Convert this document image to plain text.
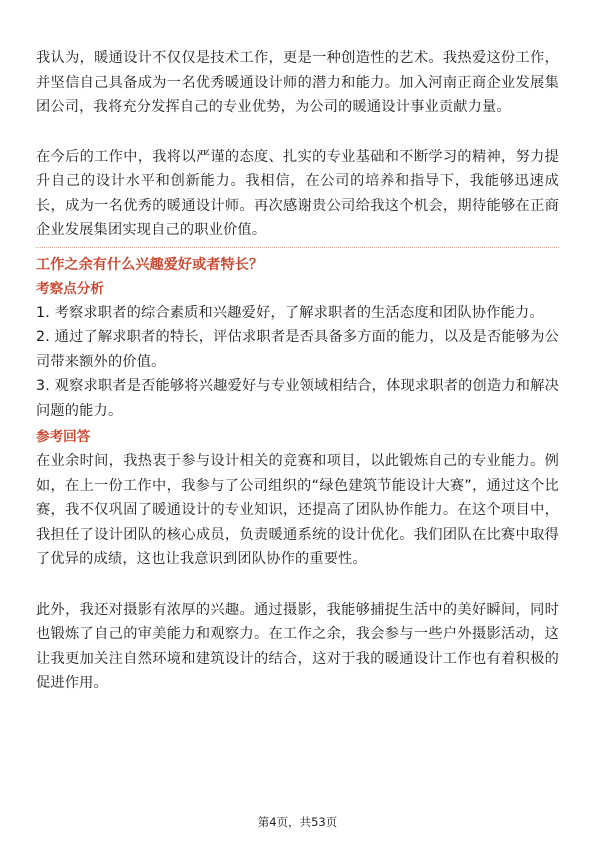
我认为，暖通设计不仅仅是技术工作，更是一种创造性的艺术。我热爱这份工作，并坚信自己具备成为一名优秀暖通设计师的潜力和能力。加入河南正商企业发展集团公司，我将充分发挥自己的专业优势，为公司的暖通设计事业贡献力量。

在今后的工作中，我将以严谨的态度、扎实的专业基础和不断学习的精神，努力提升自己的设计水平和创新能力。我相信，在公司的培养和指导下，我能够迅速成长，成为一名优秀的暖通设计师。再次感谢贵公司给我这个机会，期待能够在正商企业发展集团实现自己的职业价值。

工作之余有什么兴趣爱好或者特长？
考察点分析

1. 考察求职者的综合素质和兴趣爱好，了解求职者的生活态度和团队协作能力。

2. 通过了解求职者的特长，评估求职者是否具备多方面的能力，以及是否能够为公司带来额外的价值。

3. 观察求职者是否能够将兴趣爱好与专业领域相结合，体现求职者的创造力和解决问题的能力。

参考回答

在业余时间，我热衷于参与设计相关的竞赛和项目，以此锻炼自己的专业能力。例如，在上一份工作中，我参与了公司组织的“绿色建筑节能设计大赛”，通过这个比赛，我不仅巩固了暖通设计的专业知识，还提高了团队协作能力。在这个项目中，我担任了设计团队的核心成员，负责暖通系统的设计优化。我们团队在比赛中取得了优异的成绩，这也让我意识到团队协作的重要性。

此外，我还对摄影有浓厚的兴趣。通过摄影，我能够捕捉生活中的美好瞬间，同时也锻炼了自己的审美能力和观察力。在工作之余，我会参与一些户外摄影活动，这让我更加关注自然环境和建筑设计的结合，这对于我的暖通设计工作也有着积极的促进作用。

第4页，共53页
